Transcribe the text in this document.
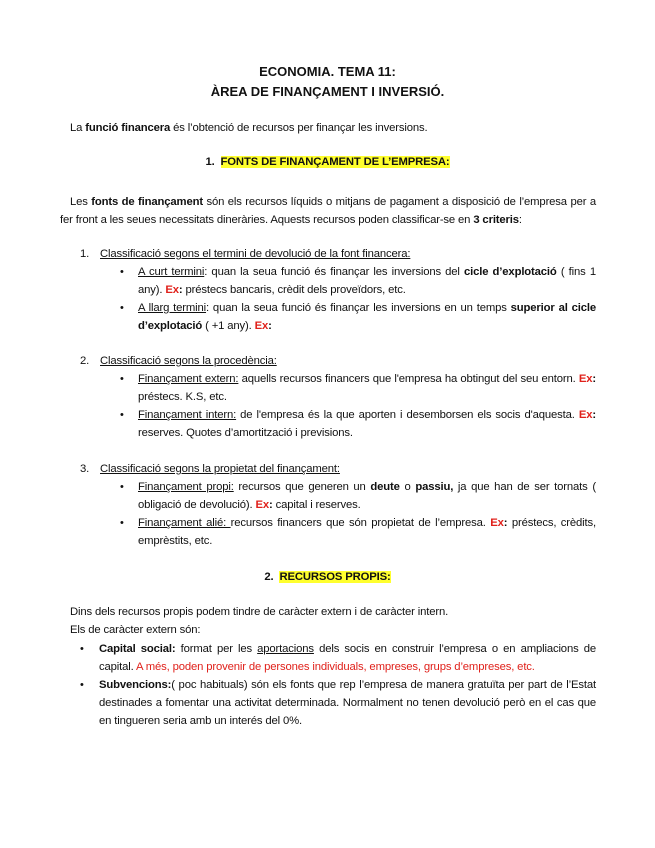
ECONOMIA. TEMA 11:
ÀREA DE FINANÇAMENT I INVERSIÓ.
La funció financera és l’obtenció de recursos per finançar les inversions.
1. FONTS DE FINANÇAMENT DE L’EMPRESA:
Les fonts de finançament són els recursos líquids o mitjans de pagament a disposició de l’empresa per a fer front a les seues necessitats dineràries. Aquests recursos poden classificar-se en 3 criteris:
2. RECURSOS PROPIS:
Dins dels recursos propis podem tindre de caràcter extern i de caràcter intern.
Els de caràcter extern són:
1. Classificació segons el termini de devolució de la font financera:
• A curt termini: quan la seua funció és finançar les inversions del cicle d’explotació ( fins 1 any). Ex: préstecs bancaris, crèdit dels proveïdors, etc.
• A llarg termini: quan la seua funció és finançar les inversions en un temps superior al cicle d’explotació ( +1 any). Ex:
2. Classificació segons la procedència:
• Finançament extern: aquells recursos financers que l'empresa ha obtingut del seu entorn. Ex: préstecs. K.S, etc.
• Finançament intern: de l'empresa és la que aporten i desemborsen els socis d'aquesta. Ex: reserves. Quotes d’amortització i previsions.
3. Classificació segons la propietat del finançament:
• Finançament propi: recursos que generen un deute o passiu, ja que han de ser tornats ( obligació de devolució). Ex: capital i reserves.
• Finançament alié: recursos financers que són propietat de l’empresa. Ex: préstecs, crèdits, emprèstits, etc.
• Capital social: format per les aportacions dels socis en construir l’empresa o en ampliacions de capital. A més, poden provenir de persones individuals, empreses, grups d’empreses, etc.
• Subvencions:( poc habituals) són els fonts que rep l’empresa de manera gratuïta per part de l’Estat destinades a fomentar una activitat determinada. Normalment no tenen devolució però en el cas que en tingueren seria amb un interés del 0%.
